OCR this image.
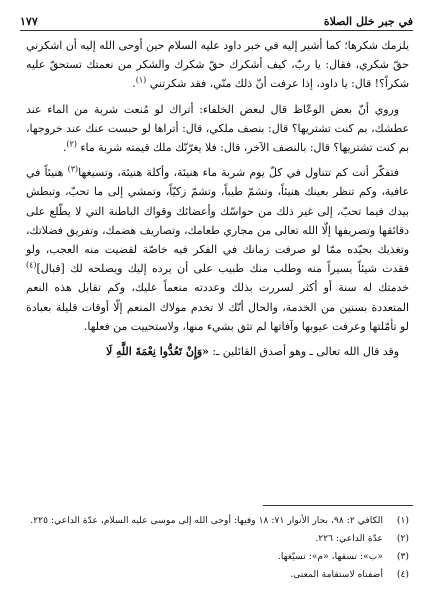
١٧٧	في جبر خلل الصلاة

يلزمك شكرها؛ كما أشير إليه في خبر داود عليه السلام حين أوحى الله إليه أن اشكرني حقّ شكري، فقال: يا ربّ، كيف أشكرك حقّ شكرك والشكر من نعمتك تستحقّ عليه شكراً؟! قال: يا داود، إذا عرفت أنّ ذلك منّي، فقد شكرتني $^{(١)}$.

وروي أنّ بعض الوعّاظ قال لبعض الخلفاء: أتراك لو مُنعت شربة من الماء عند عطشك، بم كنت تشتريها؟ قال: بنصف ملكي، قال: أتراها لو حبست عنك عند خروجها، بم كنت تشتريها؟ قال: بالنصف الآخر، قال: فلا يغرّنّك ملك قيمته شربة ماء $^{(٢)}$.

فتفكّر أنت كم تتناول في كلّ يوم شربة ماء هنيئة، وأكلة هنيئة، وتسيغها$^{(٣)}$ هنيئاً في عافية، وكم تنظر بعينك هنيئاً، وتشمّ طيباً، وتشمّ زكيّاً، وتمشي إلى ما تحبّ، وتبطش بيدك فيما تحبّ، إلى غير ذلك من حواسّك وأعضائك وقواك الباطنة التي لا يطّلع على دقائقها وتصريفها إلّا الله تعالى من مجاري طعامك، وتصاريف هضمك، وتفريق فضلاتك، وتغذيك بجيّده ممّا لو صرفت زمانك في الفكر فيه خاصّة لقضيت منه العجب، ولو فقدت شيئاً يسيراً منه وطلب منك طبيب على أن يرده إليك ويصلحه لك [قبال]$^{(٤)}$ خدمتك له سنة أو أكثر لسررت بذلك وعددته منعماً عليك، وكم تقابل هذه النعم المتعددة بسنين من الخدمة، والحال أنّك لا تخدم مولاك المنعم إلّا أوقات قليلة بعبادة لو تأمّلتها وعرفت عيوبها وآفاتها لم تثق بشيء منها، ولاستحييت من فعلها.

وقد قال الله تعالى ـ وهو أصدق القائلين ـ: «وَإِنْ تَعُدُّوا نِعْمَةَ اللَّهِ لَا

(١)
الكافي ٢: ٩٨، بحار الأنوار ٧١: ١٨ وفيها: أوحى الله إلى موسى عليه السلام، عدّة الداعي: ٢٢٥.
(٢)
عدّة الداعي: ٢٢٦.
(٣)
«ب»: تسقها، «م»: تسيّغها.
(٤)
أضفناه لاستقامة المعنى.
